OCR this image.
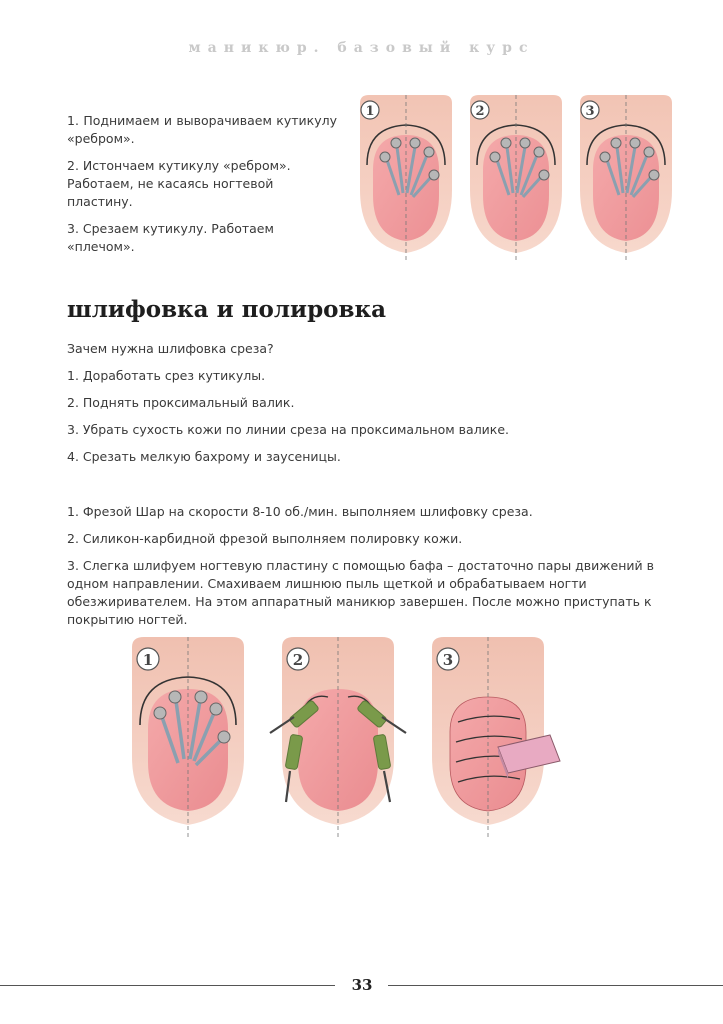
маникюр. базовый курс

1. Поднимаем и выворачиваем кутикулу «ребром».

2. Истончаем кутикулу «ребром». Работаем, не касаясь ногтевой пластину.

3. Срезаем кутикулу. Работаем «плечом».

1	2	3
шлифовка и полировка

Зачем нужна шлифовка среза?

1. Доработать срез кутикулы.

2. Поднять проксимальный валик.

3. Убрать сухость кожи по линии среза на проксимальном валике.

4. Срезать мелкую бахрому и заусеницы.

1. Фрезой Шар на скорости 8-10 об./мин. выполняем шлифовку среза.

2. Силикон-карбидной фрезой выполняем полировку кожи.

3. Слегка шлифуем ногтевую пластину с помощью бафа – достаточно пары движений в одном направлении. Смахиваем лишнюю пыль щеткой и обрабатываем ногти обезжиривателем. На этом аппаратный маникюр завершен. После можно приступать к покрытию ногтей.

1	2	3
33
